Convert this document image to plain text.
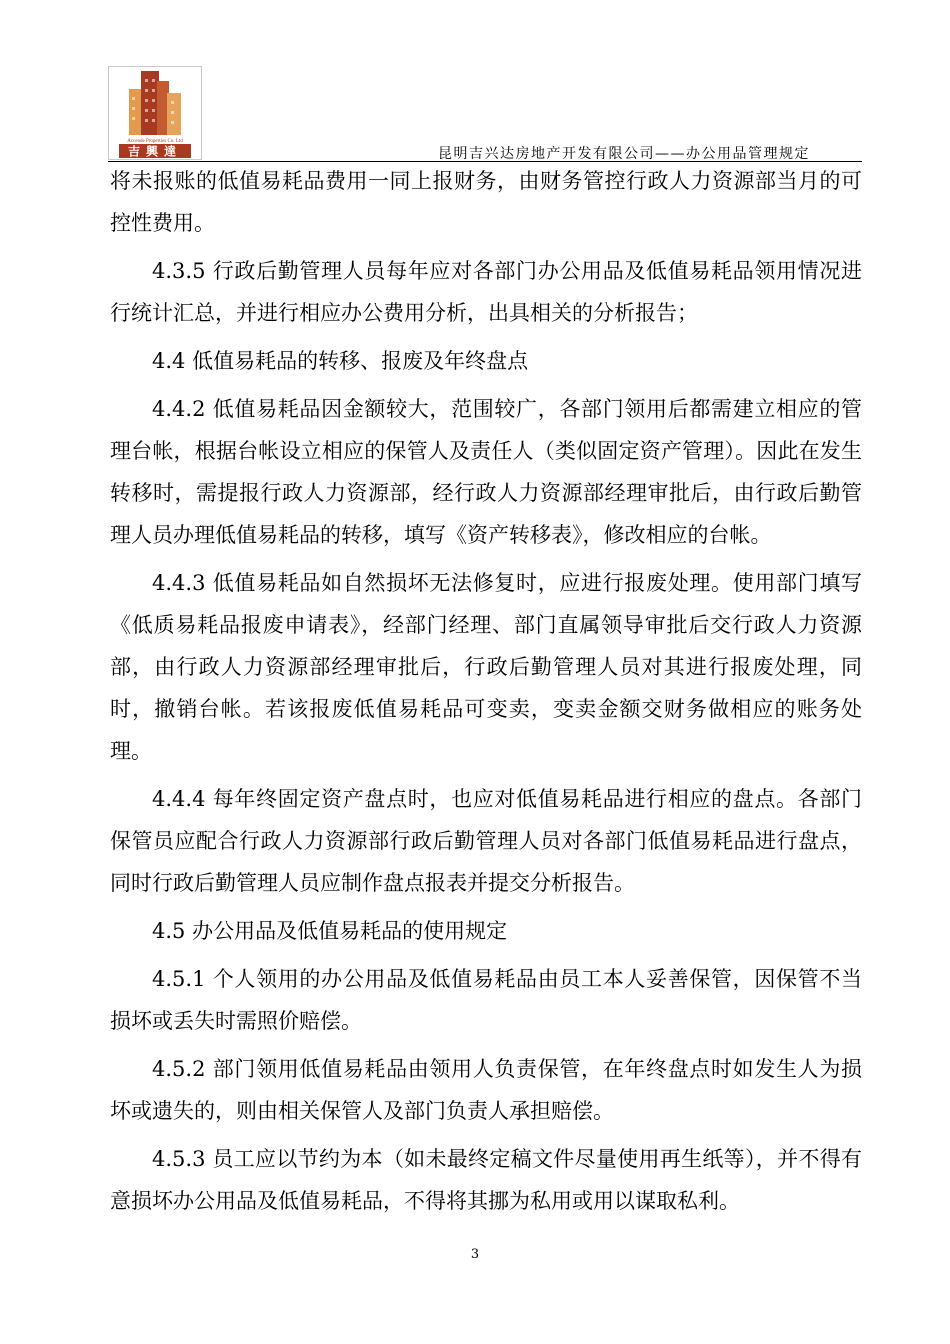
Accende Properties Co. Ltd
吉興達	昆明吉兴达房地产开发有限公司——办公用品管理规定

将未报账的低值易耗品费用一同上报财务，由财务管控行政人力资源部当月的可控性费用。

4.3.5 行政后勤管理人员每年应对各部门办公用品及低值易耗品领用情况进行统计汇总，并进行相应办公费用分析，出具相关的分析报告；

4.4 低值易耗品的转移、报废及年终盘点

4.4.2 低值易耗品因金额较大，范围较广，各部门领用后都需建立相应的管理台帐，根据台帐设立相应的保管人及责任人（类似固定资产管理）。因此在发生转移时，需提报行政人力资源部，经行政人力资源部经理审批后，由行政后勤管理人员办理低值易耗品的转移，填写《资产转移表》，修改相应的台帐。

4.4.3 低值易耗品如自然损坏无法修复时，应进行报废处理。使用部门填写《低质易耗品报废申请表》，经部门经理、部门直属领导审批后交行政人力资源部，由行政人力资源部经理审批后，行政后勤管理人员对其进行报废处理，同时，撤销台帐。若该报废低值易耗品可变卖，变卖金额交财务做相应的账务处理。

4.4.4 每年终固定资产盘点时，也应对低值易耗品进行相应的盘点。各部门保管员应配合行政人力资源部行政后勤管理人员对各部门低值易耗品进行盘点，同时行政后勤管理人员应制作盘点报表并提交分析报告。

4.5 办公用品及低值易耗品的使用规定

4.5.1 个人领用的办公用品及低值易耗品由员工本人妥善保管，因保管不当损坏或丢失时需照价赔偿。

4.5.2 部门领用低值易耗品由领用人负责保管，在年终盘点时如发生人为损坏或遗失的，则由相关保管人及部门负责人承担赔偿。

4.5.3 员工应以节约为本（如未最终定稿文件尽量使用再生纸等），并不得有意损坏办公用品及低值易耗品，不得将其挪为私用或用以谋取私利。

3
